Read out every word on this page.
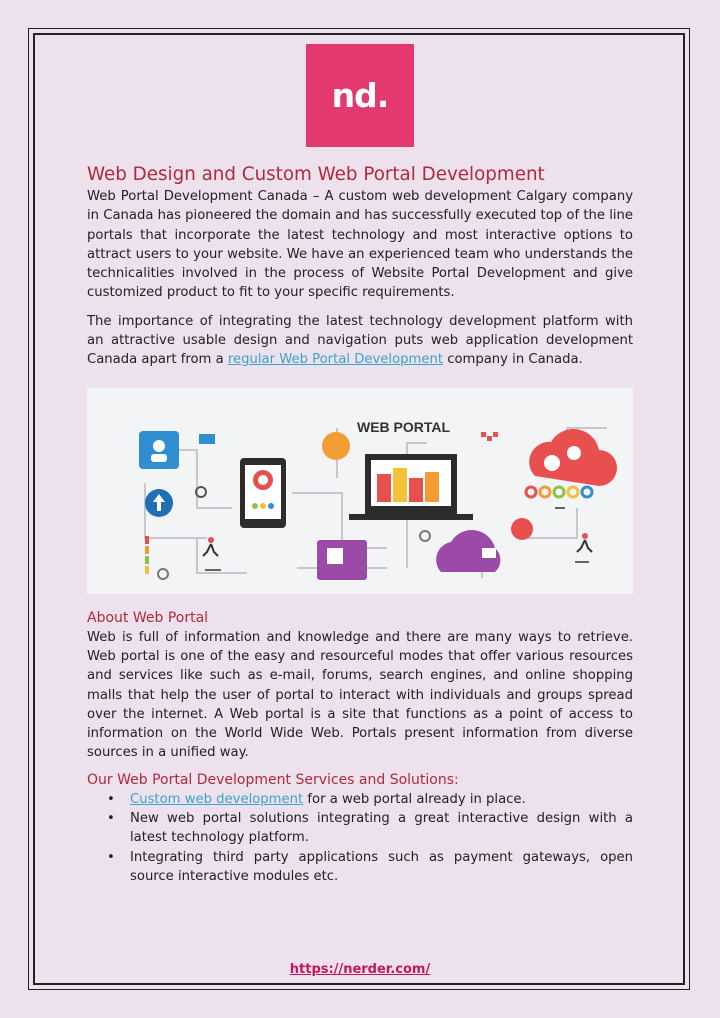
nd.
Web Design and Custom Web Portal Development

Web Portal Development Canada – A custom web development Calgary company in Canada has pioneered the domain and has successfully executed top of the line portals that incorporate the latest technology and most interactive options to attract users to your website. We have an experienced team who understands the technicalities involved in the process of Website Portal Development and give customized product to fit to your specific requirements.

The importance of integrating the latest technology development platform with an attractive usable design and navigation puts web application development Canada apart from a regular Web Portal Development company in Canada.

WEB PORTAL
About Web Portal

Web is full of information and knowledge and there are many ways to retrieve. Web portal is one of the easy and resourceful modes that offer various resources and services like such as e-mail, forums, search engines, and online shopping malls that help the user of portal to interact with individuals and groups spread over the internet. A Web portal is a site that functions as a point of access to information on the World Wide Web. Portals present information from diverse sources in a unified way.

Our Web Portal Development Services and Solutions:
• Custom web development for a web portal already in place.
• New web portal solutions integrating a great interactive design with a latest technology platform.
• Integrating third party applications such as payment gateways, open source interactive modules etc.
https://nerder.com/
